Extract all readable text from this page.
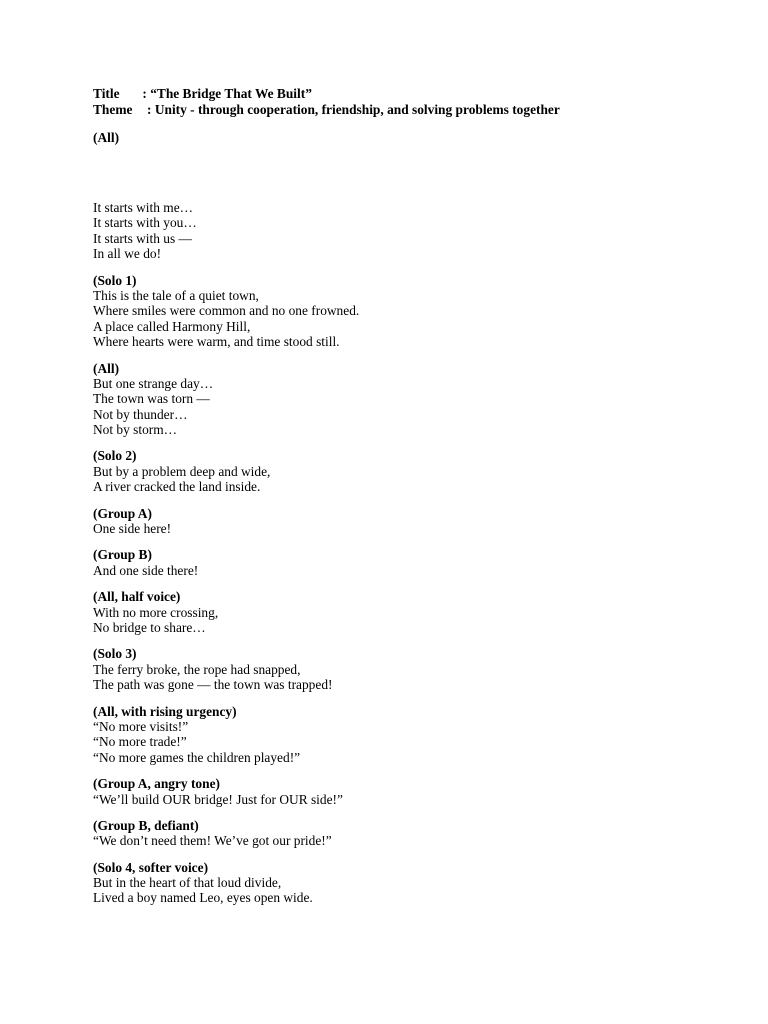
Title : “The Bridge That We Built”
Theme : Unity - through cooperation, friendship, and solving problems together
(All)
It starts with me…
It starts with you…
It starts with us —
In all we do!
(Solo 1)
This is the tale of a quiet town,
Where smiles were common and no one frowned.
A place called Harmony Hill,
Where hearts were warm, and time stood still.
(All)
But one strange day…
The town was torn —
Not by thunder…
Not by storm…
(Solo 2)
But by a problem deep and wide,
A river cracked the land inside.
(Group A)
One side here!
(Group B)
And one side there!
(All, half voice)
With no more crossing,
No bridge to share…
(Solo 3)
The ferry broke, the rope had snapped,
The path was gone — the town was trapped!
(All, with rising urgency)
“No more visits!”
“No more trade!”
“No more games the children played!”
(Group A, angry tone)
“We’ll build OUR bridge! Just for OUR side!”
(Group B, defiant)
“We don’t need them! We’ve got our pride!”
(Solo 4, softer voice)
But in the heart of that loud divide,
Lived a boy named Leo, eyes open wide.
